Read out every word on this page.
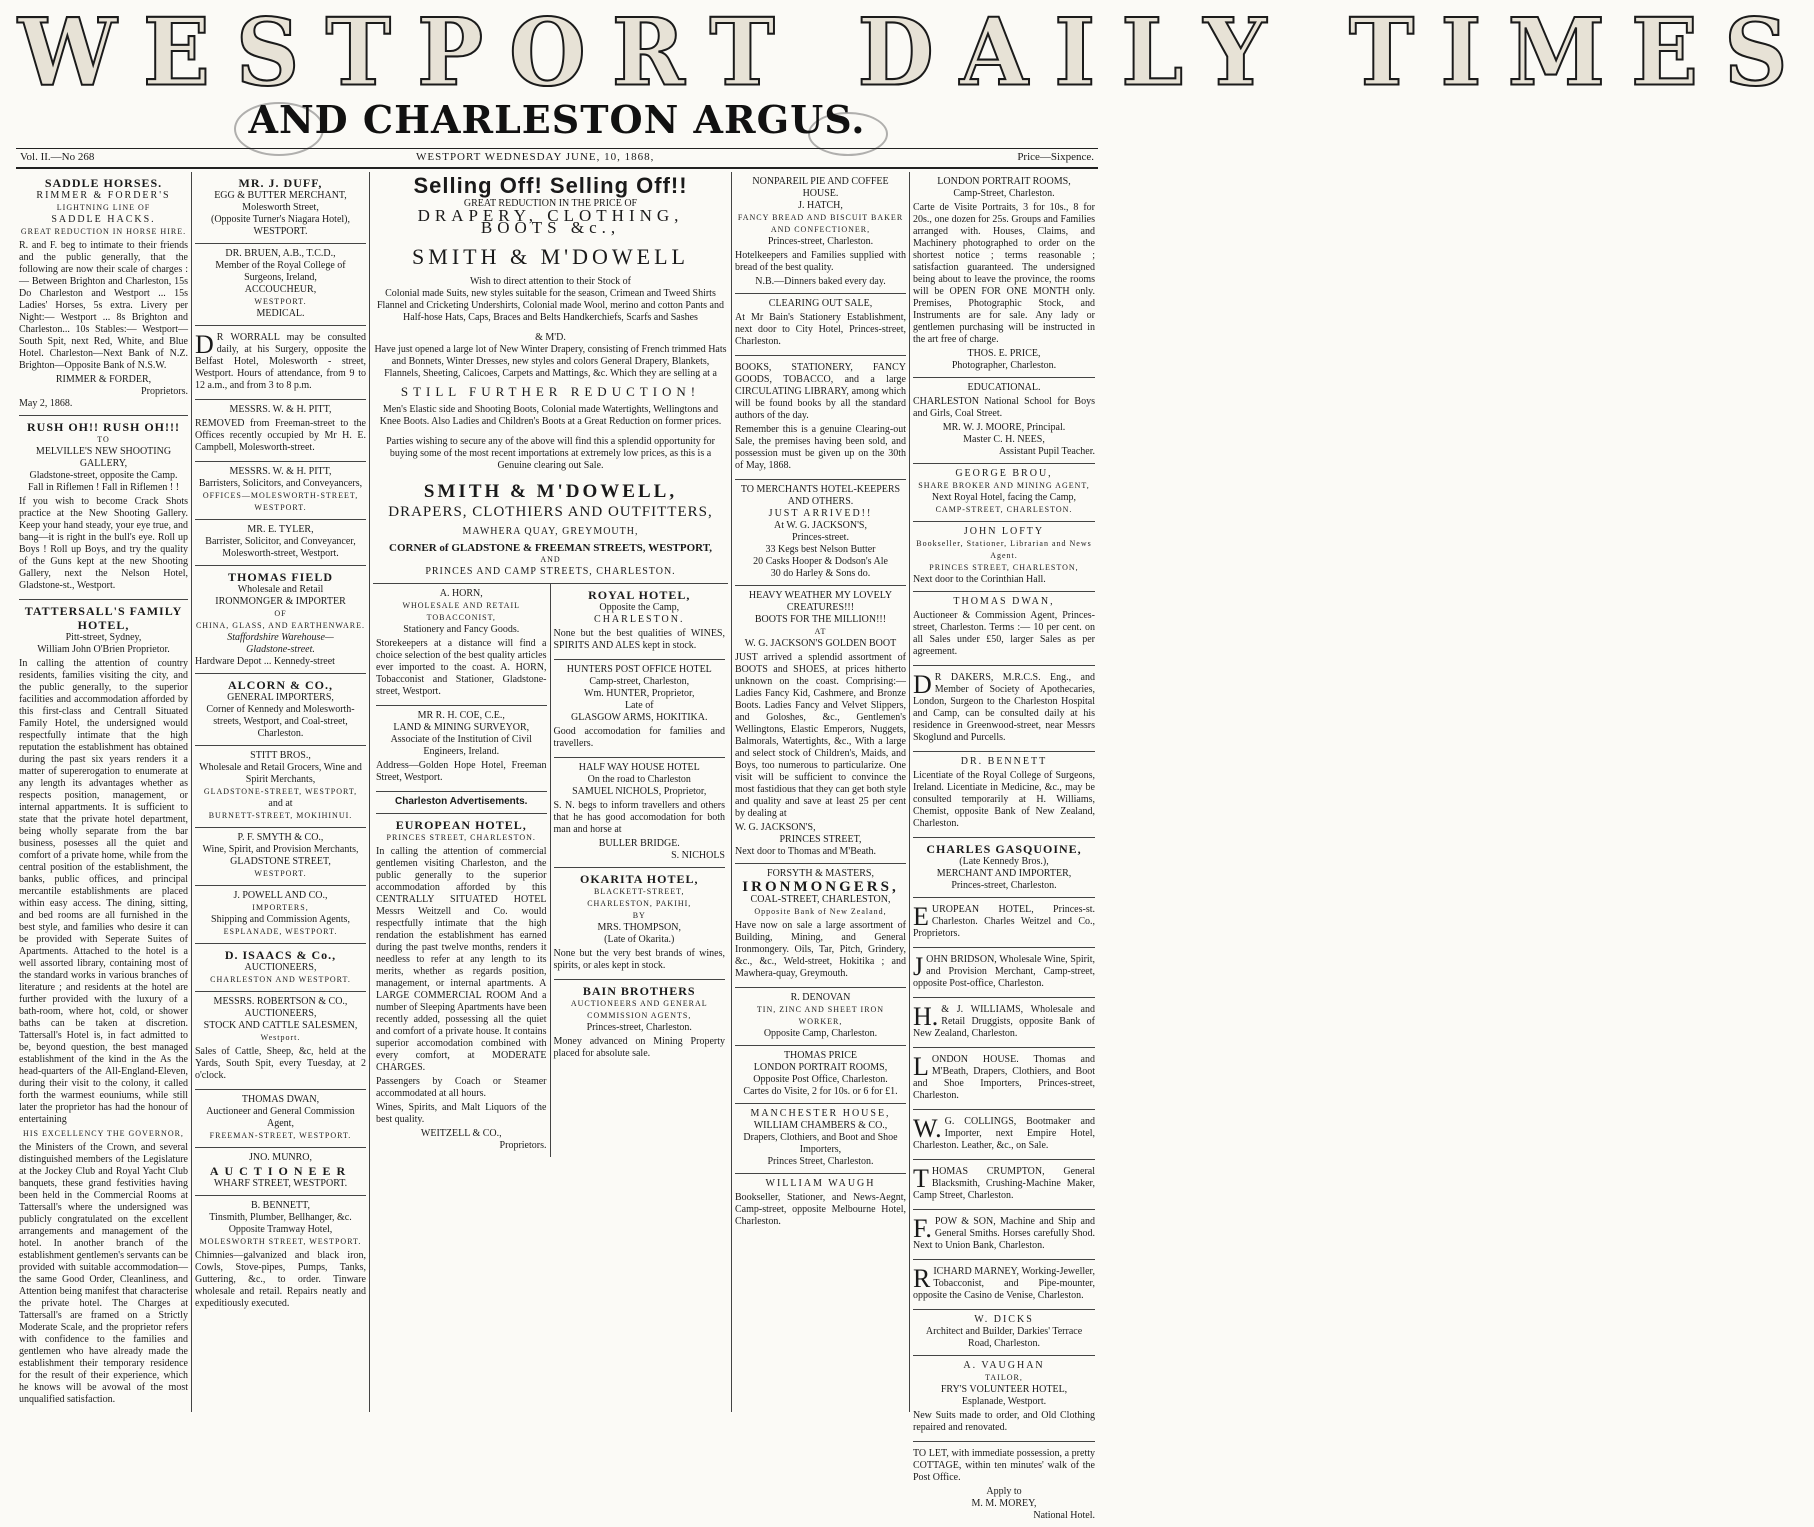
WESTPORT DAILY TIMES
AND CHARLESTON ARGUS.
Vol. II.—No 268	WESTPORT WEDNESDAY JUNE, 10, 1868,	Price—Sixpence.
SADDLE HORSES.
RIMMER & FORDER'S
LIGHTNING LINE OF
SADDLE HACKS.
GREAT REDUCTION IN HORSE HIRE.

R. and F. beg to intimate to their friends and the public generally, that the following are now their scale of charges :— Between Brighton and Charleston, 15s Do Charleston and Westport ... 15s Ladies' Horses, 5s extra. Livery per Night:— Westport ... 8s Brighton and Charleston... 10s Stables:— Westport—South Spit, next Red, White, and Blue Hotel. Charleston—Next Bank of N.Z. Brighton—Opposite Bank of N.S.W.

RIMMER & FORDER,
Proprietors.
May 2, 1868.
RUSH OH!! RUSH OH!!!
TO
MELVILLE'S NEW SHOOTING GALLERY,
Gladstone-street, opposite the Camp.
Fall in Riflemen ! Fall in Riflemen ! !

If you wish to become Crack Shots practice at the New Shooting Gallery. Keep your hand steady, your eye true, and bang—it is right in the bull's eye. Roll up Boys ! Roll up Boys, and try the quality of the Guns kept at the new Shooting Gallery, next the Nelson Hotel, Gladstone-st., Westport.

TATTERSALL'S FAMILY HOTEL,
Pitt-street, Sydney,
William John O'Brien Proprietor.

In calling the attention of country residents, families visiting the city, and the public generally, to the superior facilities and accommodation afforded by this first-class and Centrall Situated Family Hotel, the undersigned would respectfully intimate that the high reputation the establishment has obtained during the past six years renders it a matter of supererogation to enumerate at any length its advantages whether as respects position, management, or internal appartments. It is sufficient to state that the private hotel department, being wholly separate from the bar business, posesses all the quiet and comfort of a private home, while from the central position of the establishment, the banks, public offices, and principal mercantile establishments are placed within easy access. The dining, sitting, and bed rooms are all furnished in the best style, and families who desire it can be provided with Seperate Suites of Apartments. Attached to the hotel is a well assorted library, containing most of the standard works in various branches of literature ; and residents at the hotel are further provided with the luxury of a bath-room, where hot, cold, or shower baths can be taken at discretion. Tattersall's Hotel is, in fact admitted to be, beyond question, the best managed establishment of the kind in the As the head-quarters of the All-England-Eleven, during their visit to the colony, it called forth the warmest eouniums, while still later the proprietor has had the honour of entertaining

HIS EXCELLENCY THE GOVERNOR,

the Ministers of the Crown, and several distinguished members of the Legislature at the Jockey Club and Royal Yacht Club banquets, these grand festivities having been held in the Commercial Rooms at Tattersall's where the undersigned was publicly congratulated on the excellent arrangements and management of the hotel. In another branch of the establishment gentlemen's servants can be provided with suitable accommodation— the same Good Order, Cleanliness, and Attention being manifest that characterise the private hotel. The Charges at Tattersall's are framed on a Strictly Moderate Scale, and the proprietor refers with confidence to the families and gentlemen who have already made the establishment their temporary residence for the result of their experience, which he knows will be avowal of the most unqualified satisfaction.

MR. J. DUFF,
EGG & BUTTER MERCHANT,
Molesworth Street,
(Opposite Turner's Niagara Hotel),
WESTPORT.
DR. BRUEN, A.B., T.C.D.,
Member of the Royal College of Surgeons, Ireland,
ACCOUCHEUR,
WESTPORT.
MEDICAL.

DR WORRALL may be consulted daily, at his Surgery, opposite the Belfast Hotel, Molesworth - street, Westport. Hours of attendance, from 9 to 12 a.m., and from 3 to 8 p.m.

MESSRS. W. & H. PITT,

REMOVED from Freeman-street to the Offices recently occupied by Mr H. E. Campbell, Molesworth-street.

MESSRS. W. & H. PITT,
Barristers, Solicitors, and Conveyancers,
OFFICES—MOLESWORTH-STREET,
WESTPORT.
MR. E. TYLER,
Barrister, Solicitor, and Conveyancer,
Molesworth-street, Westport.
THOMAS FIELD
Wholesale and Retail
IRONMONGER & IMPORTER
OF
CHINA, GLASS, AND EARTHENWARE.
Staffordshire Warehouse—
Gladstone-street.
Hardware Depot ... Kennedy-street
ALCORN & CO.,
GENERAL IMPORTERS,
Corner of Kennedy and Molesworth-streets, Westport, and Coal-street,
Charleston.
STITT BROS.,
Wholesale and Retail Grocers, Wine and Spirit Merchants,
GLADSTONE-STREET, WESTPORT,
and at
BURNETT-STREET, MOKIHINUI.
P. F. SMYTH & CO.,
Wine, Spirit, and Provision Merchants,
GLADSTONE STREET,
WESTPORT.
J. POWELL AND CO.,
IMPORTERS,
Shipping and Commission Agents,
ESPLANADE, WESTPORT.
D. ISAACS & Co.,
AUCTIONEERS,
CHARLESTON AND WESTPORT.
MESSRS. ROBERTSON & CO.,
AUCTIONEERS,
STOCK AND CATTLE SALESMEN,
Westport.

Sales of Cattle, Sheep, &c, held at the Yards, South Spit, every Tuesday, at 2 o'clock.

THOMAS DWAN,
Auctioneer and General Commission Agent,
FREEMAN-STREET, WESTPORT.
JNO. MUNRO,
AUCTIONEER
WHARF STREET, WESTPORT.
B. BENNETT,
Tinsmith, Plumber, Bellhanger, &c.
Opposite Tramway Hotel,
MOLESWORTH STREET, WESTPORT.

Chimnies—galvanized and black iron, Cowls, Stove-pipes, Pumps, Tanks, Guttering, &c., to order. Tinware wholesale and retail. Repairs neatly and expeditiously executed.

Selling Off! Selling Off!!
GREAT REDUCTION IN THE PRICE OF
DRAPERY, CLOTHING, BOOTS &c.,
SMITH & M'DOWELL
Wish to direct attention to their Stock of
Colonial made Suits, new styles suitable for the season, Crimean and Tweed Shirts Flannel and Cricketing Undershirts, Colonial made Wool, merino and cotton Pants and Half-hose Hats, Caps, Braces and Belts Handkerchiefs, Scarfs and Sashes
& M'D.
Have just opened a large lot of New Winter Drapery, consisting of French trimmed Hats and Bonnets, Winter Dresses, new styles and colors General Drapery, Blankets, Flannels, Sheeting, Calicoes, Carpets and Mattings, &c. Which they are selling at a
STILL FURTHER REDUCTION!
Men's Elastic side and Shooting Boots, Colonial made Watertights, Wellingtons and Knee Boots. Also Ladies and Children's Boots at a Great Reduction on former prices.
Parties wishing to secure any of the above will find this a splendid opportunity for buying some of the most recent importations at extremely low prices, as this is a Genuine clearing out Sale.
SMITH & M'DOWELL,
DRAPERS, CLOTHIERS AND OUTFITTERS,
MAWHERA QUAY, GREYMOUTH,
CORNER of GLADSTONE & FREEMAN STREETS, WESTPORT,
AND
PRINCES AND CAMP STREETS, CHARLESTON.
A. HORN,
WHOLESALE AND RETAIL TOBACCONIST,
Stationery and Fancy Goods.

Storekeepers at a distance will find a choice selection of the best quality articles ever imported to the coast. A. HORN, Tobacconist and Stationer, Gladstone-street, Westport.

MR R. H. COE, C.E.,
LAND & MINING SURVEYOR,
Associate of the Institution of Civil Engineers, Ireland.

Address—Golden Hope Hotel, Freeman Street, Westport.

Charleston Advertisements.
EUROPEAN HOTEL,
PRINCES STREET, CHARLESTON.

In calling the attention of commercial gentlemen visiting Charleston, and the public generally to the superior accommodation afforded by this CENTRALLY SITUATED HOTEL Messrs Weitzell and Co. would respectfully intimate that the high rendation the establishment has earned during the past twelve months, renders it needless to refer at any length to its merits, whether as regards position, management, or internal apartments. A LARGE COMMERCIAL ROOM And a number of Sleeping Apartments have been recently added, possessing all the quiet and comfort of a private house. It contains superior accomodation combined with every comfort, at MODERATE CHARGES.

Passengers by Coach or Steamer accommodated at all hours.

Wines, Spirits, and Malt Liquors of the best quality.

WEITZELL & CO.,
Proprietors.
ROYAL HOTEL,
Opposite the Camp,
CHARLESTON.

None but the best qualities of WINES, SPIRITS AND ALES kept in stock.

HUNTERS POST OFFICE HOTEL
Camp-street, Charleston,
Wm. HUNTER, Proprietor,
Late of
GLASGOW ARMS, HOKITIKA.

Good accomodation for families and travellers.

HALF WAY HOUSE HOTEL
On the road to Charleston
SAMUEL NICHOLS, Proprietor,

S. N. begs to inform travellers and others that he has good accomodation for both man and horse at

BULLER BRIDGE.
S. NICHOLS
OKARITA HOTEL,
BLACKETT-STREET,
CHARLESTON, PAKIHI,
BY
MRS. THOMPSON,
(Late of Okarita.)

None but the very best brands of wines, spirits, or ales kept in stock.

BAIN BROTHERS
AUCTIONEERS AND GENERAL COMMISSION AGENTS,
Princes-street, Charleston.

Money advanced on Mining Property placed for absolute sale.

NONPAREIL PIE AND COFFEE HOUSE.
J. HATCH,
FANCY BREAD AND BISCUIT BAKER AND CONFECTIONER,
Princes-street, Charleston.

Hotelkeepers and Families supplied with bread of the best quality.

N.B.—Dinners baked every day.
CLEARING OUT SALE,

At Mr Bain's Stationery Establishment, next door to City Hotel, Princes-street, Charleston.

BOOKS, STATIONERY, FANCY GOODS, TOBACCO, and a large CIRCULATING LIBRARY, among which will be found books by all the standard authors of the day.

Remember this is a genuine Clearing-out Sale, the premises having been sold, and possession must be given up on the 30th of May, 1868.

TO MERCHANTS HOTEL-KEEPERS AND OTHERS.
JUST ARRIVED!!
At W. G. JACKSON'S,
Princes-street.
33 Kegs best Nelson Butter
20 Casks Hooper & Dodson's Ale
30 do Harley & Sons do.
HEAVY WEATHER MY LOVELY CREATURES!!!
BOOTS FOR THE MILLION!!!
AT
W. G. JACKSON'S GOLDEN BOOT

JUST arrived a splendid assortment of BOOTS and SHOES, at prices hitherto unknown on the coast. Comprising:— Ladies Fancy Kid, Cashmere, and Bronze Boots. Ladies Fancy and Velvet Slippers, and Goloshes, &c., Gentlemen's Wellingtons, Elastic Emperors, Nuggets, Balmorals, Watertights, &c., With a large and select stock of Children's, Maids, and Boys, too numerous to particularize. One visit will be sufficient to convince the most fastidious that they can get both style and quality and save at least 25 per cent by dealing at

W. G. JACKSON'S,
PRINCES STREET,
Next door to Thomas and M'Beath.
FORSYTH & MASTERS,
IRONMONGERS,
COAL-STREET, CHARLESTON,
Opposite Bank of New Zealand,

Have now on sale a large assortment of Building, Mining, and General Ironmongery. Oils, Tar, Pitch, Grindery, &c., &c., Weld-street, Hokitika ; and Mawhera-quay, Greymouth.

R. DENOVAN
TIN, ZINC AND SHEET IRON WORKER,
Opposite Camp, Charleston.
THOMAS PRICE
LONDON PORTRAIT ROOMS,
Opposite Post Office, Charleston.
Cartes do Visite, 2 for 10s. or 6 for £1.
MANCHESTER HOUSE,
WILLIAM CHAMBERS & CO.,
Drapers, Clothiers, and Boot and Shoe Importers,
Princes Street, Charleston.
WILLIAM WAUGH

Bookseller, Stationer, and News-Aegnt, Camp-street, opposite Melbourne Hotel, Charleston.

LONDON PORTRAIT ROOMS,
Camp-Street, Charleston.

Carte de Visite Portraits, 3 for 10s., 8 for 20s., one dozen for 25s. Groups and Families arranged with. Houses, Claims, and Machinery photographed to order on the shortest notice ; terms reasonable ; satisfaction guaranteed. The undersigned being about to leave the province, the rooms will be OPEN FOR ONE MONTH only. Premises, Photographic Stock, and Instruments are for sale. Any lady or gentlemen purchasing will be instructed in the art free of charge.

THOS. E. PRICE,
Photographer, Charleston.
EDUCATIONAL.

CHARLESTON National School for Boys and Girls, Coal Street.

MR. W. J. MOORE, Principal.
Master C. H. NEES,
Assistant Pupil Teacher.
GEORGE BROU,
SHARE BROKER AND MINING AGENT,
Next Royal Hotel, facing the Camp,
CAMP-STREET, CHARLESTON.
JOHN LOFTY
Bookseller, Stationer, Librarian and News Agent.
PRINCES STREET, CHARLESTON,
Next door to the Corinthian Hall.
THOMAS DWAN,

Auctioneer & Commission Agent, Princes-street, Charleston. Terms :— 10 per cent. on all Sales under £50, larger Sales as per agreement.

DR DAKERS, M.R.C.S. Eng., and Member of Society of Apothecaries, London, Surgeon to the Charleston Hospital and Camp, can be consulted daily at his residence in Greenwood-street, near Messrs Skoglund and Purcells.

DR. BENNETT

Licentiate of the Royal College of Surgeons, Ireland. Licentiate in Medicine, &c., may be consulted temporarily at H. Williams, Chemist, opposite Bank of New Zealand, Charleston.

CHARLES GASQUOINE,
(Late Kennedy Bros.),
MERCHANT AND IMPORTER,
Princes-street, Charleston.

EUROPEAN HOTEL, Princes-st. Charleston. Charles Weitzel and Co., Proprietors.

JOHN BRIDSON, Wholesale Wine, Spirit, and Provision Merchant, Camp-street, opposite Post-office, Charleston.

H.& J. WILLIAMS, Wholesale and Retail Druggists, opposite Bank of New Zealand, Charleston.

LONDON HOUSE. Thomas and M'Beath, Drapers, Clothiers, and Boot and Shoe Importers, Princes-street, Charleston.

W.G. COLLINGS, Bootmaker and Importer, next Empire Hotel, Charleston. Leather, &c., on Sale.

THOMAS CRUMPTON, General Blacksmith, Crushing-Machine Maker, Camp Street, Charleston.

F.POW & SON, Machine and Ship and General Smiths. Horses carefully Shod. Next to Union Bank, Charleston.

RICHARD MARNEY, Working-Jeweller, Tobacconist, and Pipe-mounter, opposite the Casino de Venise, Charleston.

W. DICKS
Architect and Builder, Darkies' Terrace Road, Charleston.
A. VAUGHAN
TAILOR,
FRY'S VOLUNTEER HOTEL,
Esplanade, Westport.

New Suits made to order, and Old Clothing repaired and renovated.

TO LET, with immediate possession, a pretty COTTAGE, within ten minutes' walk of the Post Office.

Apply to
M. M. MOREY,
National Hotel.
